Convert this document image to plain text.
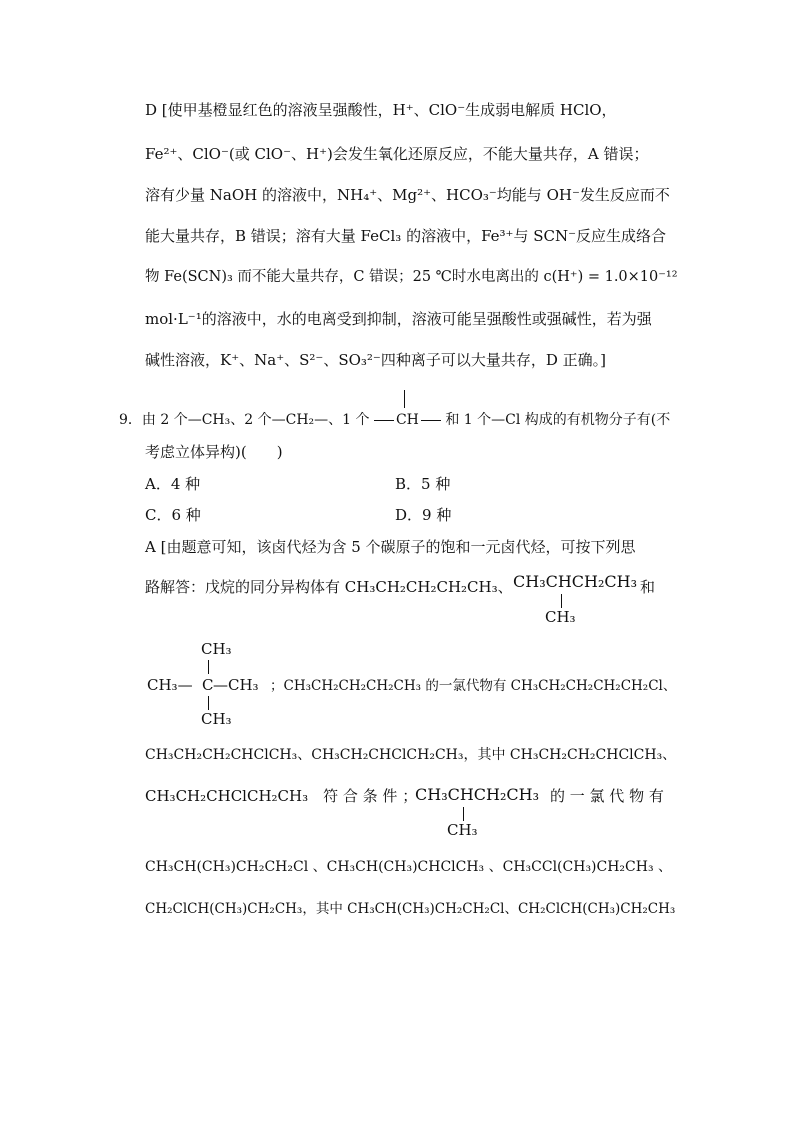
D [使甲基橙显红色的溶液呈强酸性，H⁺、ClO⁻生成弱电解质 HClO，
Fe²⁺、ClO⁻(或 ClO⁻、H⁺)会发生氧化还原反应，不能大量共存，A 错误；
溶有少量 NaOH 的溶液中，NH₄⁺、Mg²⁺、HCO₃⁻均能与 OH⁻发生反应而不
能大量共存，B 错误；溶有大量 FeCl₃ 的溶液中，Fe³⁺与 SCN⁻反应生成络合
物 Fe(SCN)₃ 而不能大量共存，C 错误；25 ℃时水电离出的 c(H⁺) = 1.0×10⁻¹²
mol·L⁻¹的溶液中，水的电离受到抑制，溶液可能呈强酸性或强碱性，若为强
碱性溶液，K⁺、Na⁺、S²⁻、SO₃²⁻四种离子可以大量共存，D 正确。]
9．由 2 个—CH₃、2 个—CH₂—、1 个 CH 和 1 个—Cl 构成的有机物分子有(不
考虑立体异构)(　　)
A．4 种	B．5 种
C．6 种	D．9 种
A [由题意可知，该卤代烃为含 5 个碳原子的饱和一元卤代烃，可按下列思
路解答：戊烷的同分异构体有 CH₃CH₂CH₂CH₂CH₃、 CH₃CHCH₂CH₃
CH₃
和
CH₃
CH₃— C —CH₃
CH₃
；CH₃CH₂CH₂CH₂CH₃ 的一氯代物有 CH₃CH₂CH₂CH₂CH₂Cl、
CH₃CH₂CH₂CHClCH₃、CH₃CH₂CHClCH₂CH₃，其中 CH₃CH₂CH₂CHClCH₃、
CH₃CH₂CHClCH₂CH₃　符 合 条 件 ；
CH₃CHCH₂CH₃
CH₃
的 一 氯 代 物 有
CH₃CH(CH₃)CH₂CH₂Cl 、CH₃CH(CH₃)CHClCH₃ 、CH₃CCl(CH₃)CH₂CH₃ 、
CH₂ClCH(CH₃)CH₂CH₃，其中 CH₃CH(CH₃)CH₂CH₂Cl、CH₂ClCH(CH₃)CH₂CH₃
